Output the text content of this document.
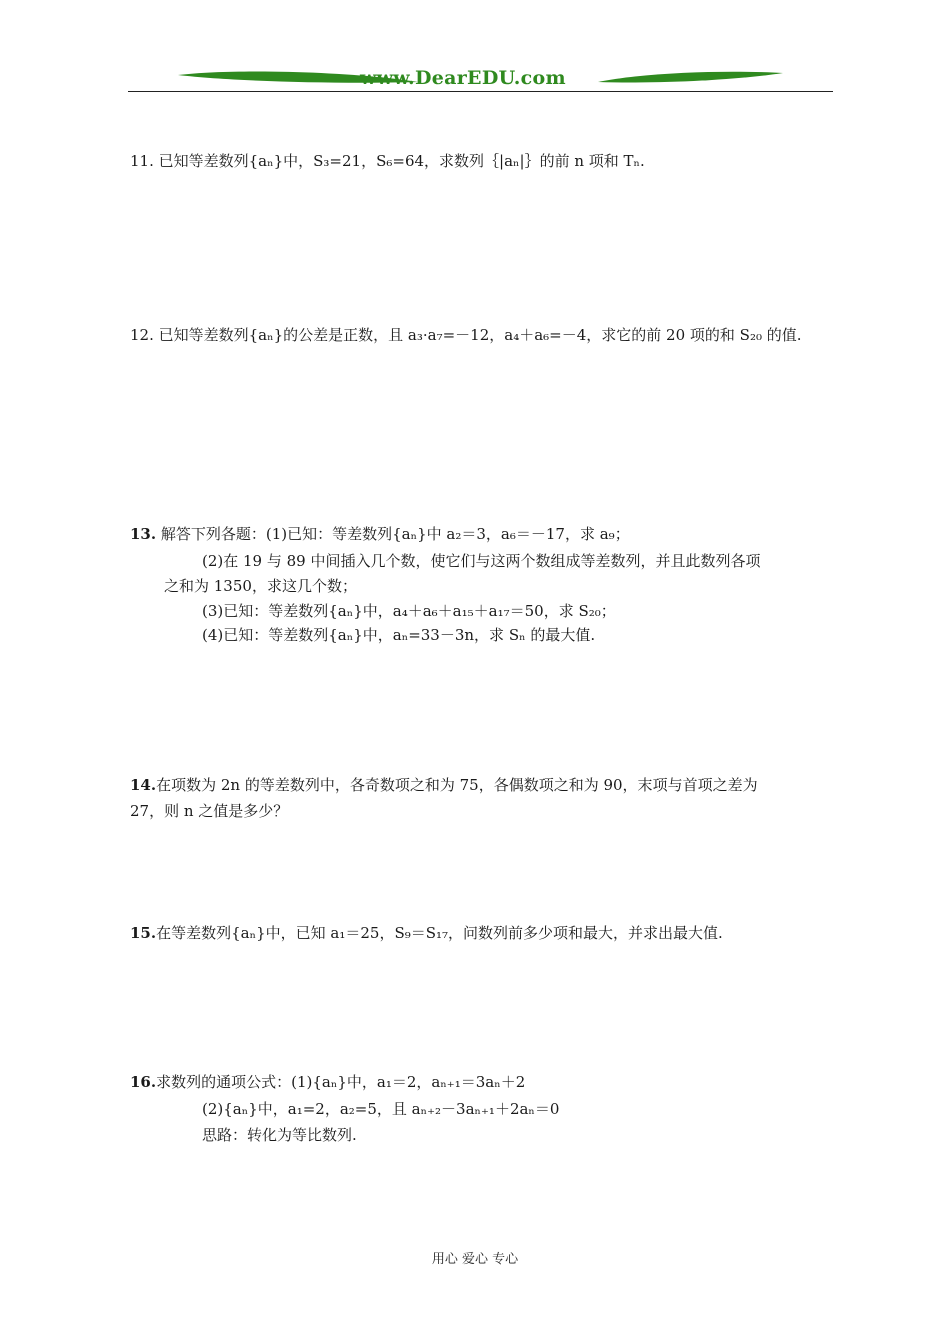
www.DearEDU.com
11. 已知等差数列{aₙ}中，S₃=21，S₆=64，求数列｛|aₙ|｝的前 n 项和 Tₙ.
12. 已知等差数列{aₙ}的公差是正数，且 a₃·a₇=－12，a₄＋a₆=－4，求它的前 20 项的和 S₂₀ 的值.
13. 解答下列各题：(1)已知：等差数列{aₙ}中 a₂＝3，a₆＝－17，求 a₉；
(2)在 19 与 89 中间插入几个数，使它们与这两个数组成等差数列，并且此数列各项
之和为 1350，求这几个数；
(3)已知：等差数列{aₙ}中，a₄＋a₆＋a₁₅＋a₁₇＝50，求 S₂₀；
(4)已知：等差数列{aₙ}中，aₙ=33－3n，求 Sₙ 的最大值.
14.在项数为 2n 的等差数列中，各奇数项之和为 75，各偶数项之和为 90，末项与首项之差为
27，则 n 之值是多少？
15.在等差数列{aₙ}中，已知 a₁＝25，S₉＝S₁₇，问数列前多少项和最大，并求出最大值.
16.求数列的通项公式：(1){aₙ}中，a₁＝2，aₙ₊₁＝3aₙ＋2
(2){aₙ}中，a₁=2，a₂=5，且 aₙ₊₂－3aₙ₊₁＋2aₙ＝0
思路：转化为等比数列.
用心 爱心 专心
